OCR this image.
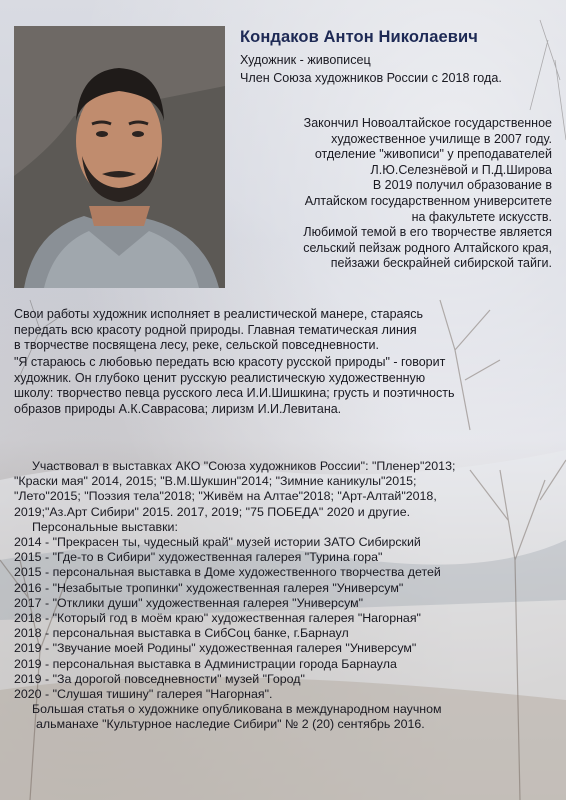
Кондаков Антон Николаевич
Художник - живописец
Член Союза художников России с 2018 года.
Закончил Новоалтайское государственное
художественное училище в 2007 году.
отделение "живописи" у преподавателей
Л.Ю.Селезнёвой и П.Д.Широва
В 2019 получил образование в
Алтайском государственном университете
на факультете искусств.
Любимой темой в его творчестве является
сельский пейзаж родного Алтайского края,
пейзажи бескрайней сибирской тайги.
Свои работы художник исполняет в реалистической манере, стараясь
передать всю красоту родной природы. Главная тематическая линия
в творчестве посвящена лесу, реке, сельской повседневности.
"Я стараюсь с любовью передать всю красоту русской природы" - говорит
художник. Он глубоко ценит русскую реалистическую художественную
школу: творчество певца русского леса И.И.Шишкина; грусть и поэтичность
образов природы А.К.Саврасова; лиризм И.И.Левитана.
Участвовал в выставках АКО "Союза художников России": "Пленер"2013;
"Краски мая" 2014, 2015; "В.М.Шукшин"2014; "Зимние каникулы"2015;
"Лето"2015; "Поэзия тела"2018; "Живём на Алтае"2018; "Арт-Алтай"2018,
2019;"Аз.Арт Сибири" 2015. 2017, 2019; "75 ПОБЕДА" 2020 и другие.
Персональные выставки:
2014 - "Прекрасен ты, чудесный край" музей истории ЗАТО Сибирский
2015 - "Где-то в Сибири" художественная галерея "Турина гора"
2015 - персональная выставка в Доме художественного творчества детей
2016 - "Незабытые тропинки" художественная галерея "Универсум"
2017 - "Отклики души" художественная галерея "Универсум"
2018 - "Который год в моём краю" художественная галерея "Нагорная"
2018 - персональная выставка в СибСоц банке, г.Барнаул
2019 - "Звучание моей Родины" художественная галерея "Универсум"
2019 - персональная выставка в Администрации города Барнаула
2019 - "За дорогой повседневности" музей "Город"
2020 - "Слушая тишину" галерея "Нагорная".
Большая статья о художнике опубликована в международном научном
альманахе "Культурное наследие Сибири" № 2 (20) сентябрь 2016.
